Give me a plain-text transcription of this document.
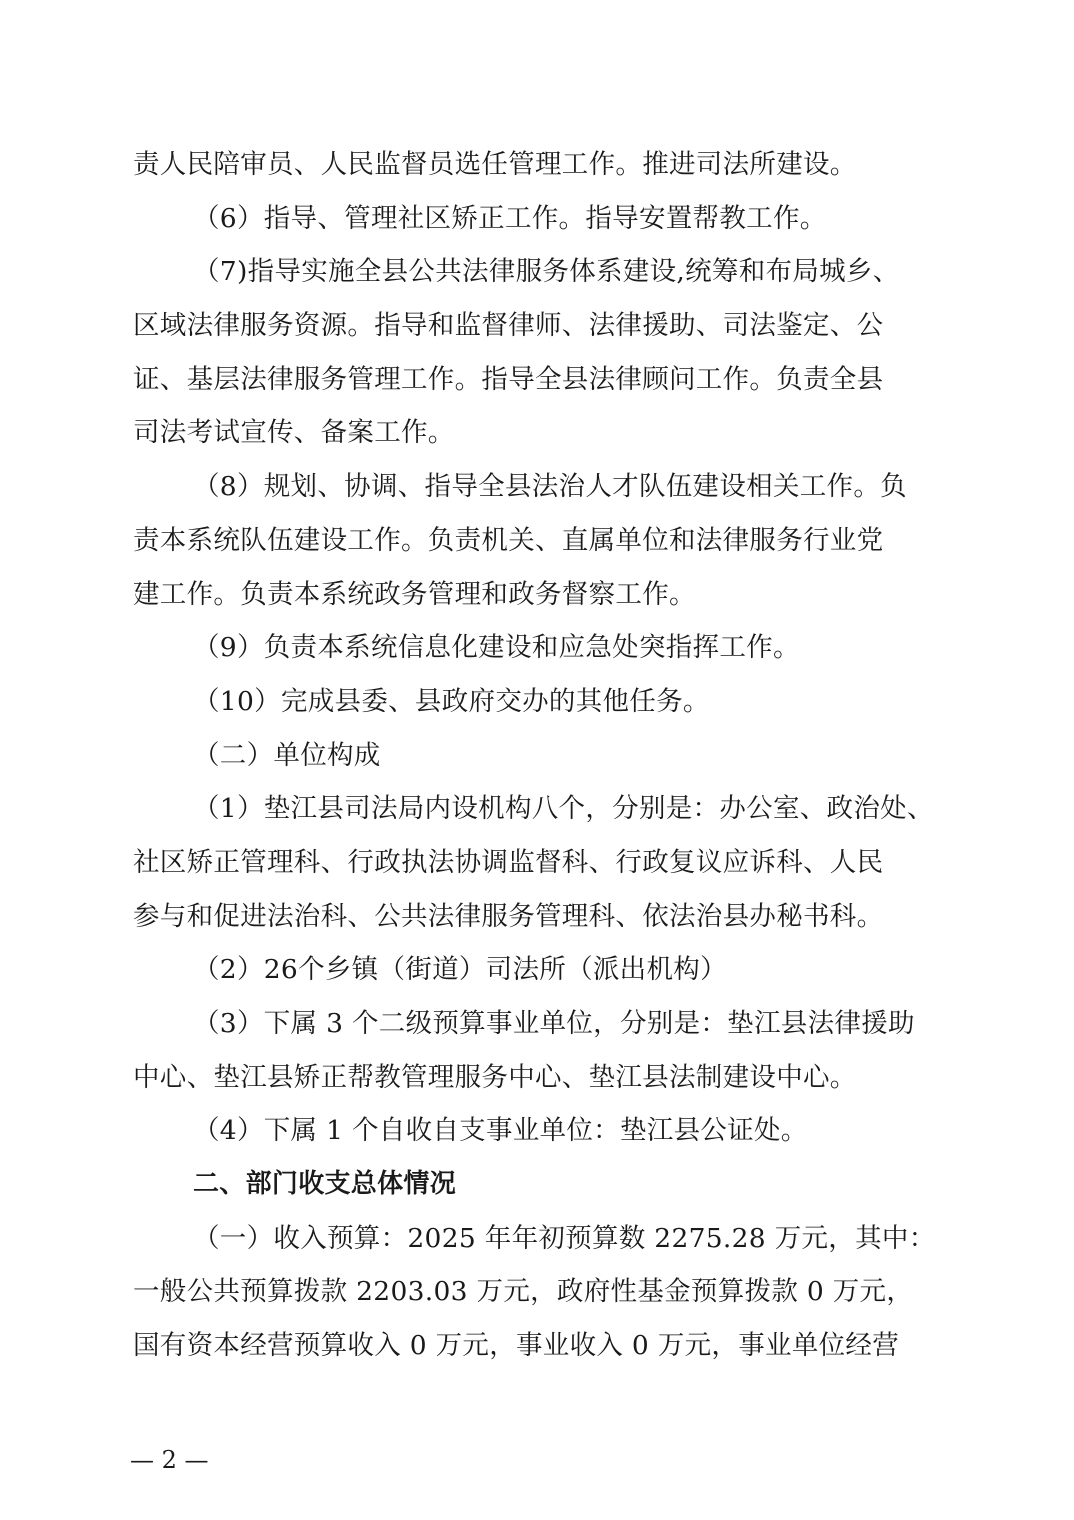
责人民陪审员、人民监督员选任管理工作。推进司法所建设。
（6）指导、管理社区矫正工作。指导安置帮教工作。
（7)指导实施全县公共法律服务体系建设,统筹和布局城乡、
区域法律服务资源。指导和监督律师、法律援助、司法鉴定、公
证、基层法律服务管理工作。指导全县法律顾问工作。负责全县
司法考试宣传、备案工作。
（8）规划、协调、指导全县法治人才队伍建设相关工作。负
责本系统队伍建设工作。负责机关、直属单位和法律服务行业党
建工作。负责本系统政务管理和政务督察工作。
（9）负责本系统信息化建设和应急处突指挥工作。
（10）完成县委、县政府交办的其他任务。
（二）单位构成
（1）垫江县司法局内设机构八个，分别是：办公室、政治处、
社区矫正管理科、行政执法协调监督科、行政复议应诉科、人民
参与和促进法治科、公共法律服务管理科、依法治县办秘书科。
（2）26个乡镇（街道）司法所（派出机构）
（3）下属 3 个二级预算事业单位，分别是：垫江县法律援助
中心、垫江县矫正帮教管理服务中心、垫江县法制建设中心。
（4）下属 1 个自收自支事业单位：垫江县公证处。
二、部门收支总体情况
（一）收入预算：2025 年年初预算数 2275.28 万元，其中：
一般公共预算拨款 2203.03 万元，政府性基金预算拨款 0 万元，
国有资本经营预算收入 0 万元，事业收入 0 万元，事业单位经营
— 2 —
